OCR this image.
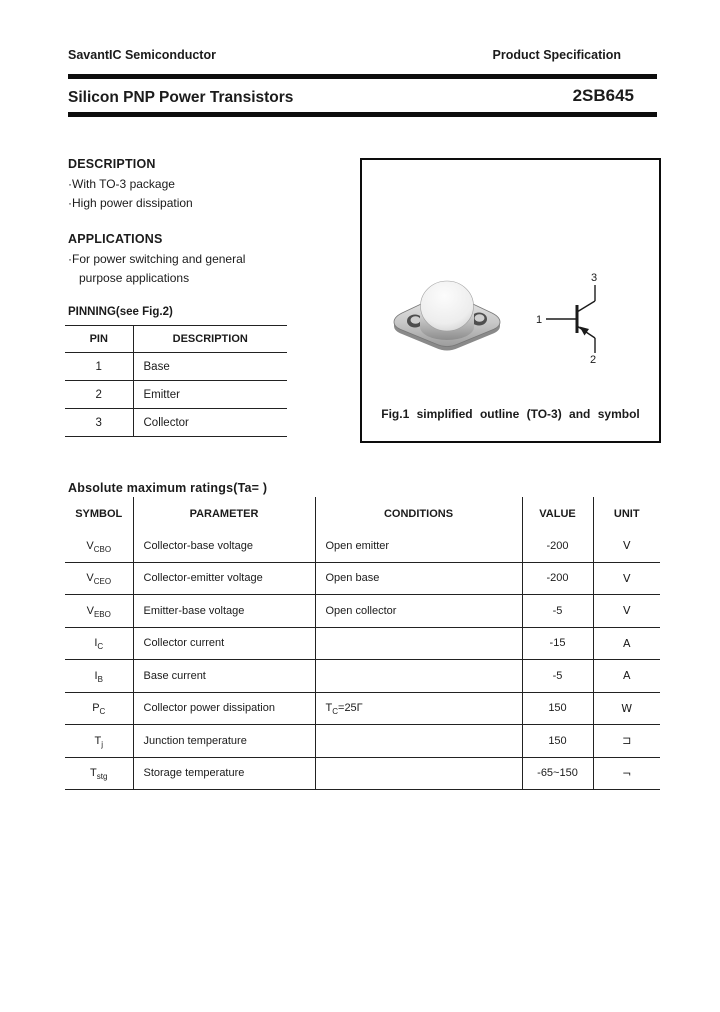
SavantIC Semiconductor	Product Specification
Silicon PNP Power Transistors	2SB645
DESCRIPTION
·With TO-3 package
·High power dissipation
APPLICATIONS
·For power switching and general
purpose applications
PINNING(see Fig.2)
PIN	DESCRIPTION
1	Base
2	Emitter
3	Collector
3
1
2
Fig.1 simplified outline (TO-3) and symbol
Absolute maximum ratings(Ta= )
SYMBOL	PARAMETER	CONDITIONS	VALUE	UNIT
$V_{CBO}$	Collector-base voltage	Open emitter	-200	V
$V_{CEO}$	Collector-emitter voltage	Open base	-200	V
$V_{EBO}$	Emitter-base voltage	Open collector	-5	V
$I_C$	Collector current		-15	A
$I_B$	Base current		-5	A
$P_C$	Collector power dissipation	$T_C=25\Gamma$	150	W
$T_j$	Junction temperature		150	⊐
$T_{stg}$	Storage temperature		-65~150	¬
